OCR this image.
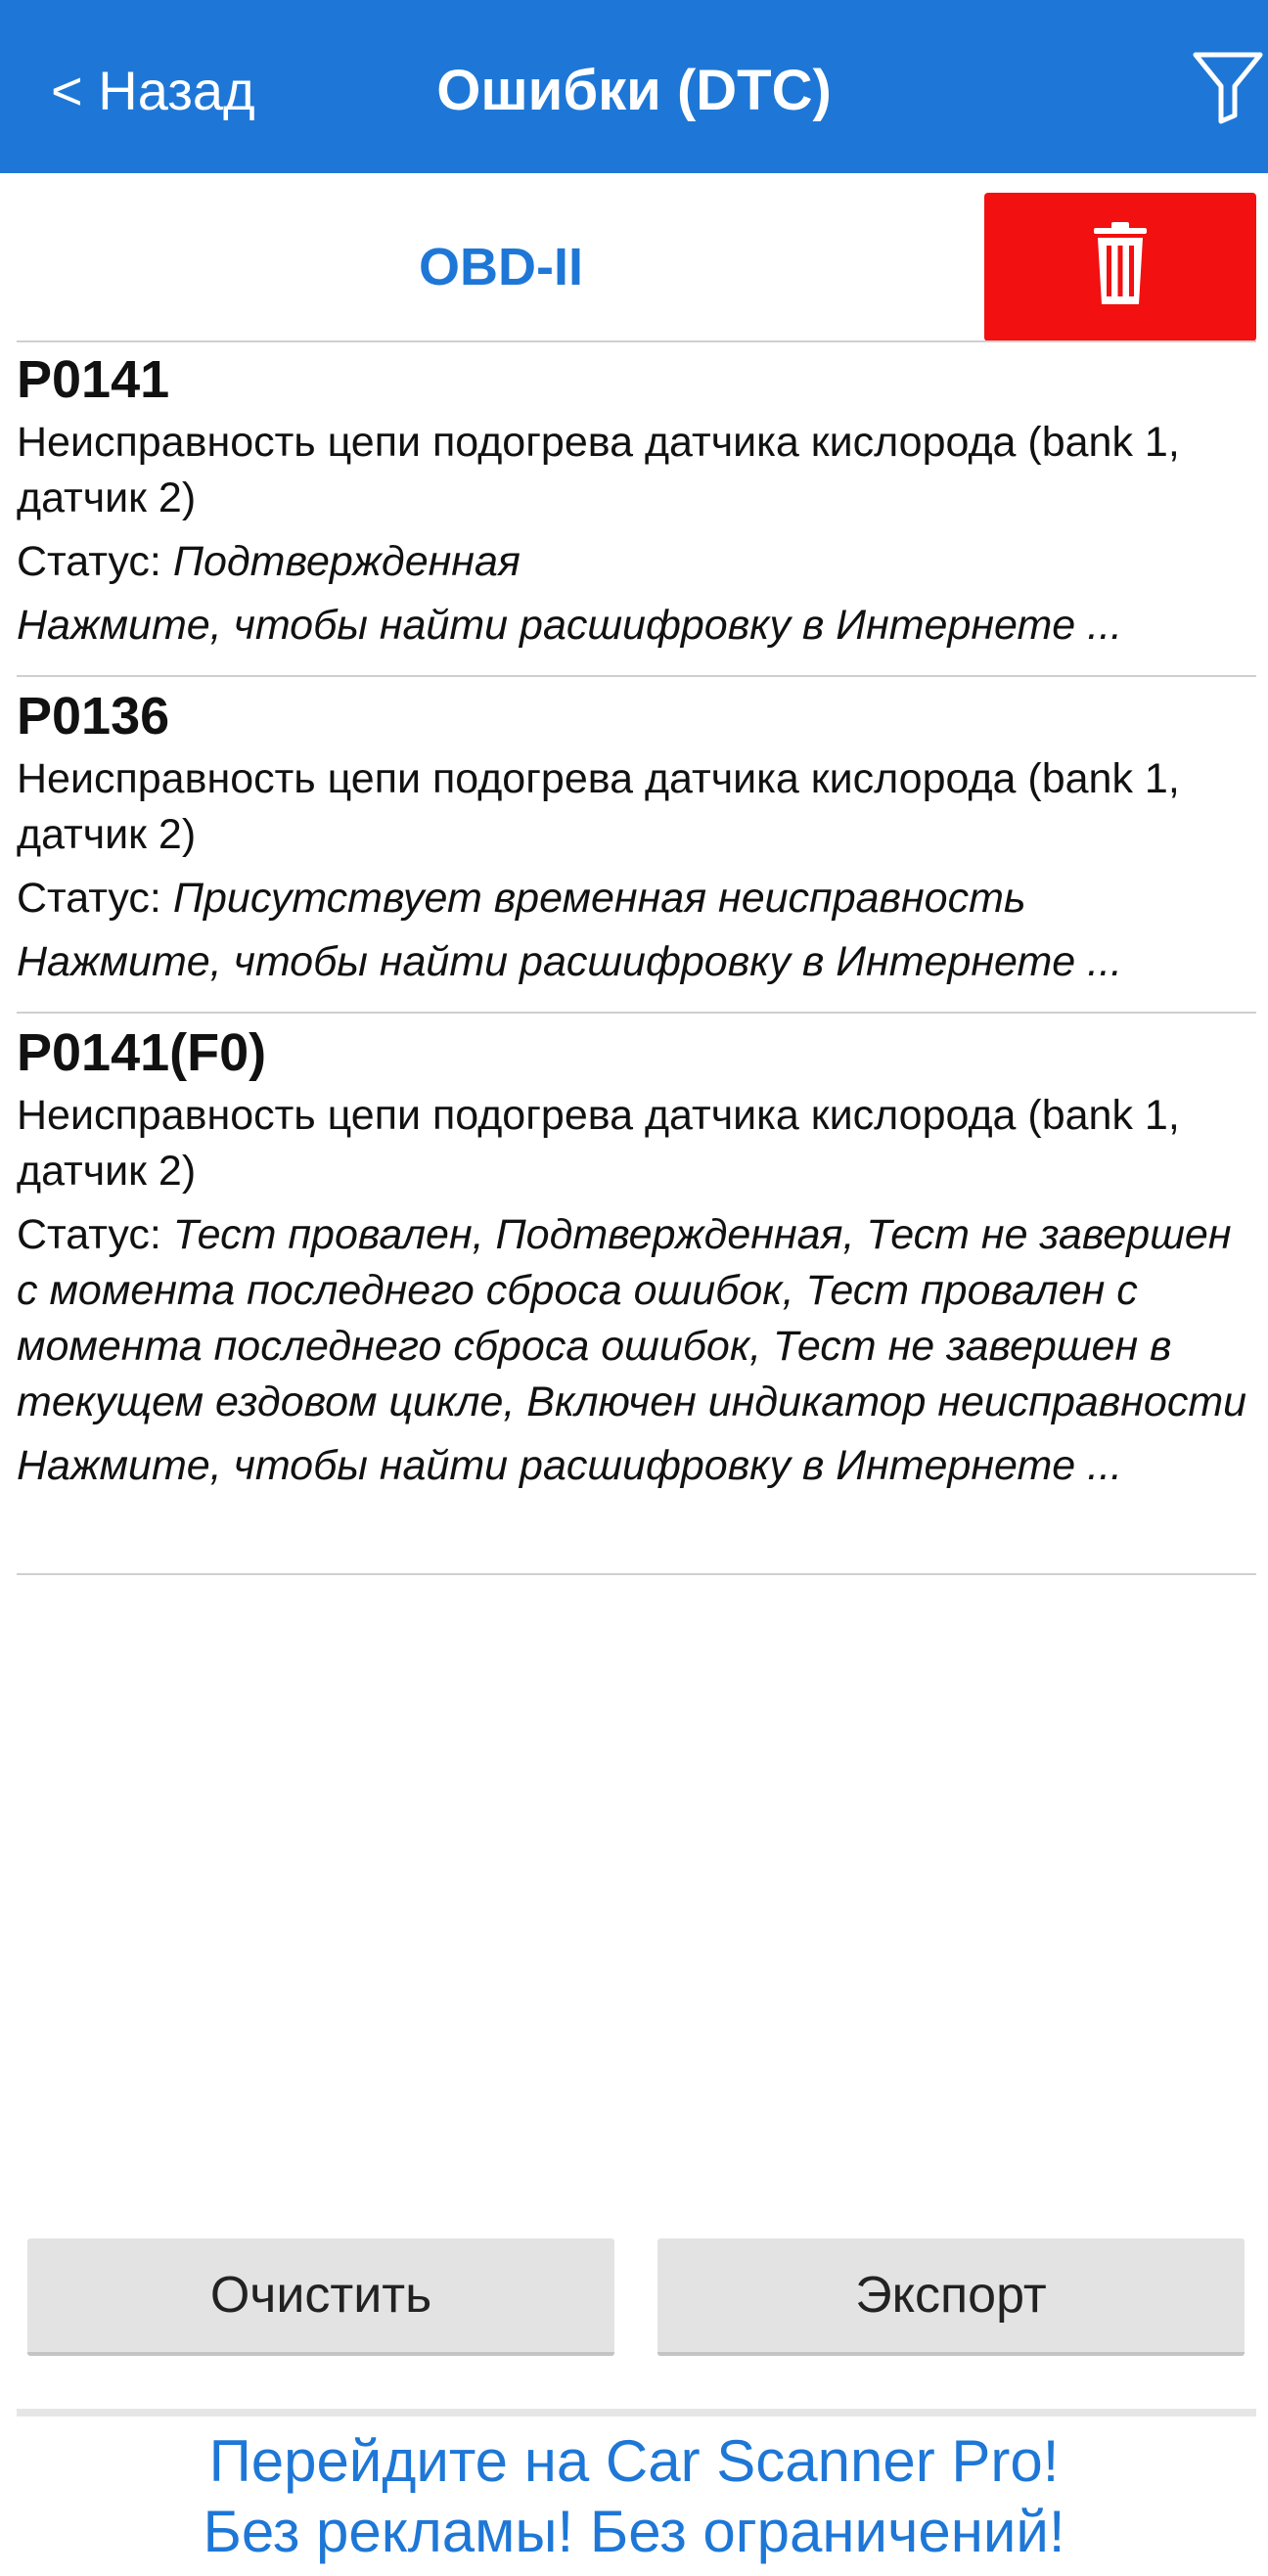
< Назад	Ошибки (DTC)
OBD-II
P0141
Неисправность цепи подогрева датчика кислорода (bank 1, датчик 2)
Статус: Подтвержденная
Нажмите, чтобы найти расшифровку в Интернете ...
P0136
Неисправность цепи подогрева датчика кислорода (bank 1, датчик 2)
Статус: Присутствует временная неисправность
Нажмите, чтобы найти расшифровку в Интернете ...
P0141(F0)
Неисправность цепи подогрева датчика кислорода (bank 1, датчик 2)
Статус: Тест провален, Подтвержденная, Тест не завершен с момента последнего сброса ошибок, Тест провален с момента последнего сброса ошибок, Тест не завершен в текущем ездовом цикле, Включен индикатор неисправности
Нажмите, чтобы найти расшифровку в Интернете ...
Очистить	Экспорт
Перейдите на Car Scanner Pro!
Без рекламы! Без ограничений!
